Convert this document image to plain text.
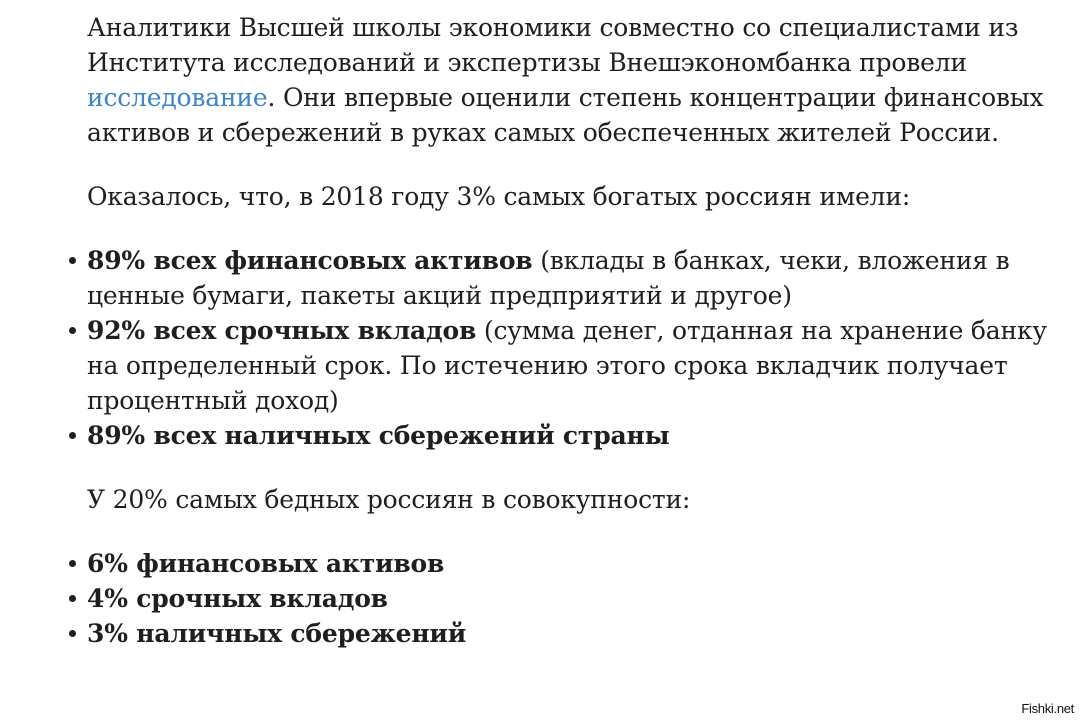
Аналитики Высшей школы экономики совместно со специалистами из Института исследований и экспертизы Внешэкономбанка провели исследование. Они впервые оценили степень концентрации финансовых активов и сбережений в руках самых обеспеченных жителей России.

Оказалось, что, в 2018 году 3% самых богатых россиян имели:

89% всех финансовых активов (вклады в банках, чеки, вложения в ценные бумаги, пакеты акций предприятий и другое)
92% всех срочных вкладов (сумма денег, отданная на хранение банку на определенный срок. По истечению этого срока вкладчик получает процентный доход)
89% всех наличных сбережений страны

У 20% самых бедных россиян в совокупности:

6% финансовых активов
4% срочных вкладов
3% наличных сбережений
Fishki.net
